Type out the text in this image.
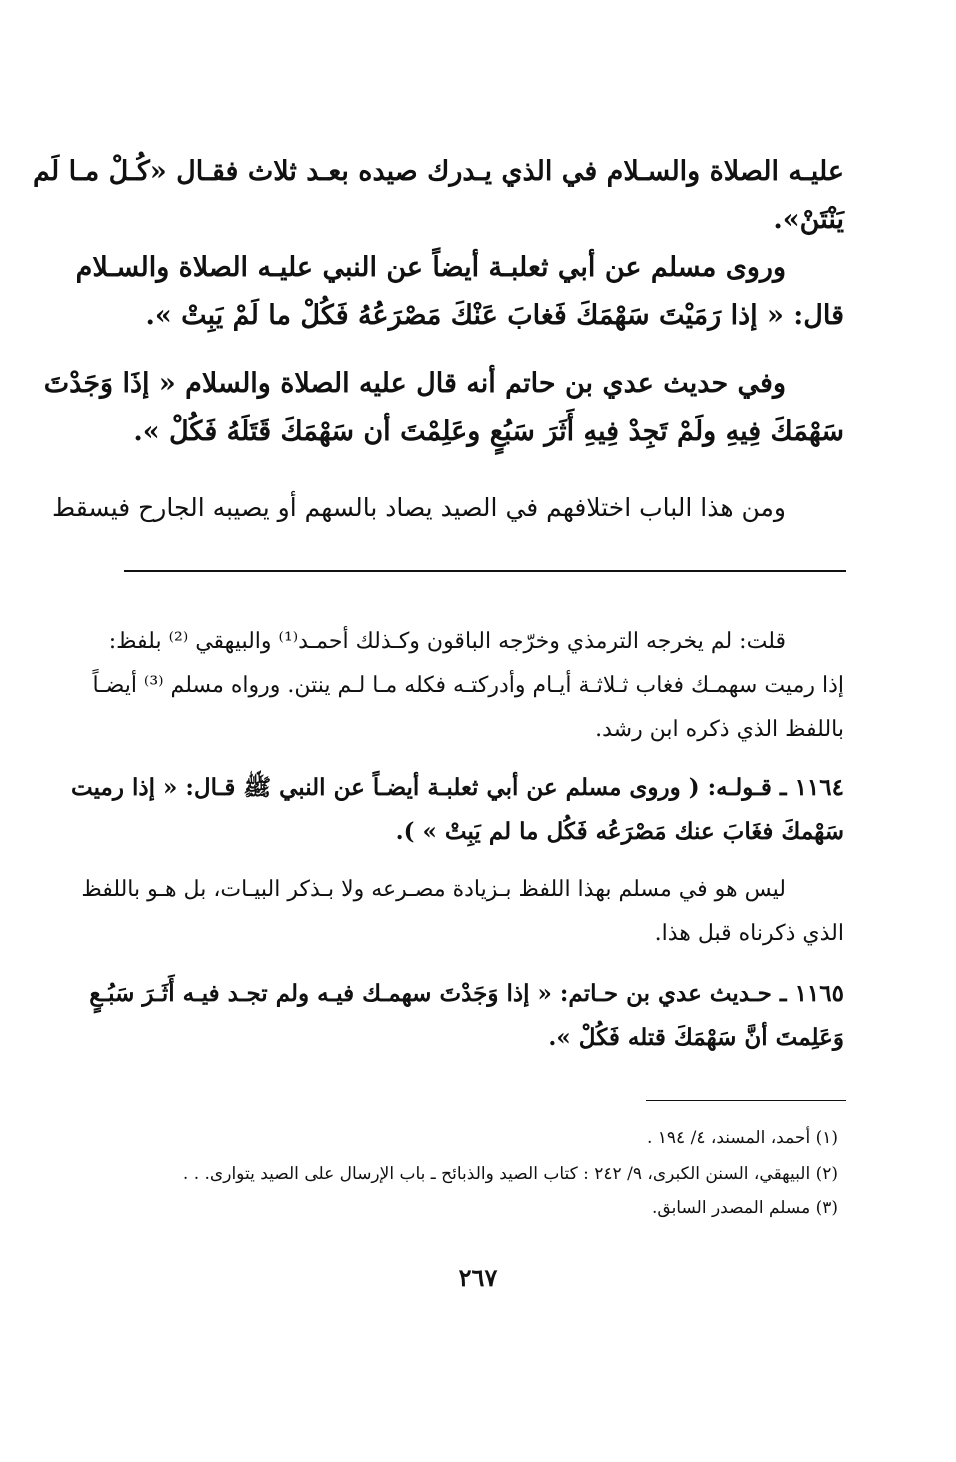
عليـه الصلاة والسـلام في الذي يـدرك صيده بعـد ثلاث فقـال «كُـلْ مـا لَم
يَنْتَنْ».
وروى مسلم عن أبي ثعلبـة أيضاً عن النبي عليـه الصلاة والسـلام
قال: « إذا رَمَيْتَ سَهْمَكَ فَغابَ عَنْكَ مَصْرَعُهُ فَكُلْ ما لَمْ يَبِتْ ».
وفي حديث عدي بن حاتم أنه قال عليه الصلاة والسلام « إذَا وَجَدْتَ
سَهْمَكَ فِيهِ ولَمْ تَجِدْ فِيهِ أَثَرَ سَبُعٍ وعَلِمْتَ أن سَهْمَكَ قَتَلَهُ فَكُلْ ».
ومن هذا الباب اختلافهم في الصيد يصاد بالسهم أو يصيبه الجارح فيسقط
قلت: لم يخرجه الترمذي وخرّجه الباقون وكـذلك أحمـد⁽¹⁾ والبيهقي ⁽²⁾ بلفظ:
إذا رميت سهمـك فغاب ثـلاثـة أيـام وأدركتـه فكله مـا لـم ينتن. ورواه مسلم ⁽³⁾ أيضـاً
باللفظ الذي ذكره ابن رشد.
١١٦٤ ـ قـولـه: ( وروى مسلم عن أبي ثعلبـة أيضـاً عن النبي ﷺ قـال: « إذا رميت
سَهْمكَ فغَابَ عنك مَصْرَعُه فَكُل ما لم يَبِتْ » ).
ليس هو في مسلم بهذا اللفظ بـزيادة مصـرعه ولا بـذكر البيـات، بل هـو باللفظ
الذي ذكرناه قبل هذا.
١١٦٥ ـ حـديث عدي بن حـاتم: « إذا وَجَدْتَ سهمـك فيـه ولم تجـد فيـه أَثَـرَ سَبُـعٍ
وَعَلِمتَ أنَّ سَهْمَكَ قتله فَكُلْ ».
(١) أحمد، المسند، ٤/ ١٩٤ .
(٢) البيهقي، السنن الكبرى، ٩/ ٢٤٢ : كتاب الصيد والذبائح ـ باب الإرسال على الصيد يتوارى. . .
(٣) مسلم المصدر السابق.
٢٦٧
